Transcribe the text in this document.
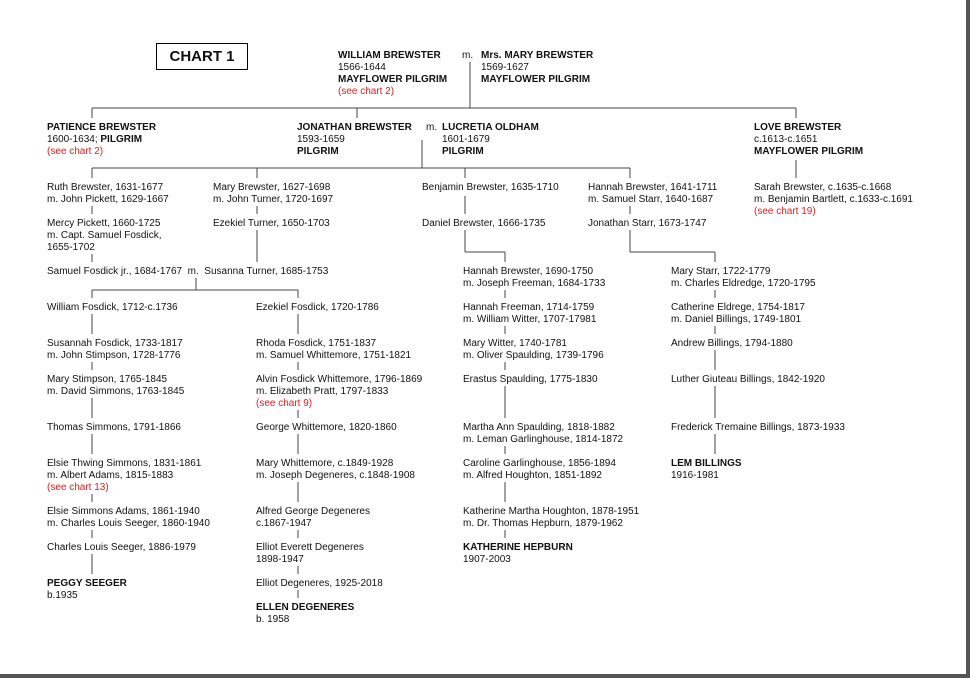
CHART 1	WILLIAM BREWSTER
1566-1644
MAYFLOWER PILGRIM
(see chart 2)
m. Mrs. MARY BREWSTER
1569-1627
MAYFLOWER PILGRIM
PATIENCE BREWSTER
1600-1634; PILGRIM
(see chart 2)
JONATHAN BREWSTER
1593-1659
PILGRIM
m. LUCRETIA OLDHAM
1601-1679
PILGRIM
LOVE BREWSTER
c.1613-c.1651
MAYFLOWER PILGRIM
Ruth Brewster, 1631-1677
m. John Pickett, 1629-1667
Mary Brewster, 1627-1698
m. John Turner, 1720-1697
Benjamin Brewster, 1635-1710	Hannah Brewster, 1641-1711
m. Samuel Starr, 1640-1687
Sarah Brewster, c.1635-c.1668
m. Benjamin Bartlett, c.1633-c.1691
(see chart 19)
Mercy Pickett, 1660-1725
m. Capt. Samuel Fosdick,
1655-1702
Ezekiel Turner, 1650-1703	Daniel Brewster, 1666-1735	Jonathan Starr, 1673-1747
Samuel Fosdick jr., 1684-1767  m.  Susanna Turner, 1685-1753	Hannah Brewster, 1690-1750
m. Joseph Freeman, 1684-1733
Mary Starr, 1722-1779
m. Charles Eldredge, 1720-1795
William Fosdick, 1712-c.1736	Ezekiel Fosdick, 1720-1786	Hannah Freeman, 1714-1759
m. William Witter, 1707-17981
Catherine Eldrege, 1754-1817
m. Daniel Billings, 1749-1801
Susannah Fosdick, 1733-1817
m. John Stimpson, 1728-1776
Rhoda Fosdick, 1751-1837
m. Samuel Whittemore, 1751-1821
Mary Witter, 1740-1781
m. Oliver Spaulding, 1739-1796
Andrew Billings, 1794-1880
Mary Stimpson, 1765-1845
m. David Simmons, 1763-1845
Alvin Fosdick Whittemore, 1796-1869
m. Elizabeth Pratt, 1797-1833
(see chart 9)
Erastus Spaulding, 1775-1830	Luther Giuteau Billings, 1842-1920
Thomas Simmons, 1791-1866	George Whittemore, 1820-1860	Martha Ann Spaulding, 1818-1882
m. Leman Garlinghouse, 1814-1872
Frederick Tremaine Billings, 1873-1933
Elsie Thwing Simmons, 1831-1861
m. Albert Adams, 1815-1883
(see chart 13)
Mary Whittemore, c.1849-1928
m. Joseph Degeneres, c.1848-1908
Caroline Garlinghouse, 1856-1894
m. Alfred Houghton, 1851-1892
LEM BILLINGS
1916-1981
Elsie Simmons Adams, 1861-1940
m. Charles Louis Seeger, 1860-1940
Alfred George Degeneres
c.1867-1947
Katherine Martha Houghton, 1878-1951
m. Dr. Thomas Hepburn, 1879-1962
Charles Louis Seeger, 1886-1979	Elliot Everett Degeneres
1898-1947
KATHERINE HEPBURN
1907-2003
Elliot Degeneres, 1925-2018
PEGGY SEEGER
b.1935
ELLEN DEGENERES
b. 1958
